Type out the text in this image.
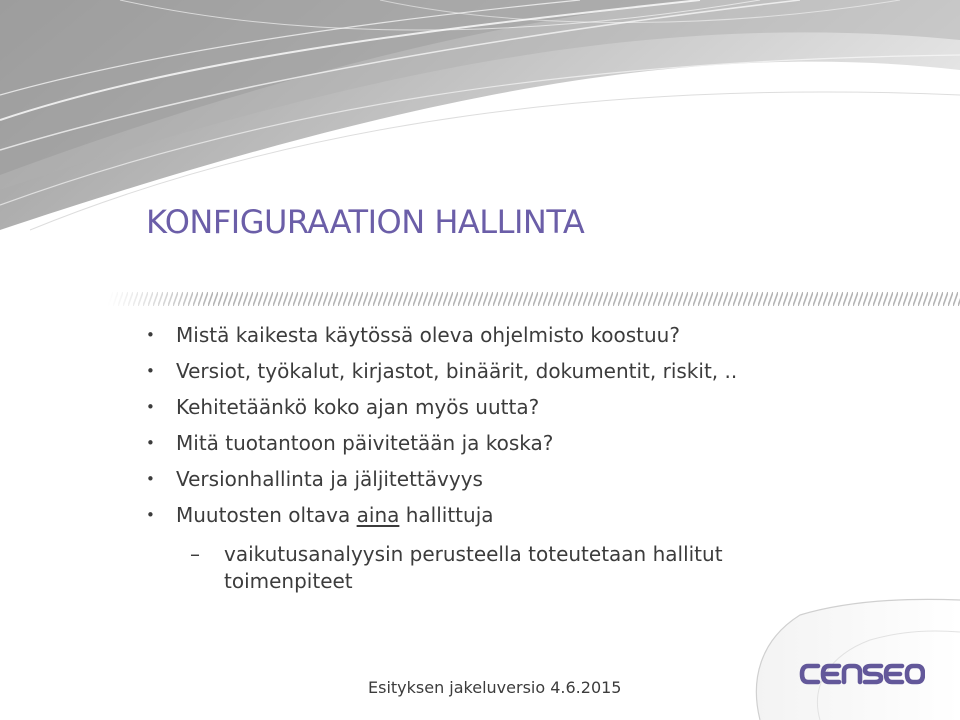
KONFIGURAATION HALLINTA
• Mistä kaikesta käytössä oleva ohjelmisto koostuu?
• Versiot, työkalut, kirjastot, binäärit, dokumentit, riskit, ..
• Kehitetäänkö koko ajan myös uutta?
• Mitä tuotantoon päivitetään ja koska?
• Versionhallinta ja jäljitettävyys
• Muutosten oltava aina hallittuja
– vaikutusanalyysin perusteella toteutetaan hallitut toimenpiteet
Esityksen jakeluversio 4.6.2015
